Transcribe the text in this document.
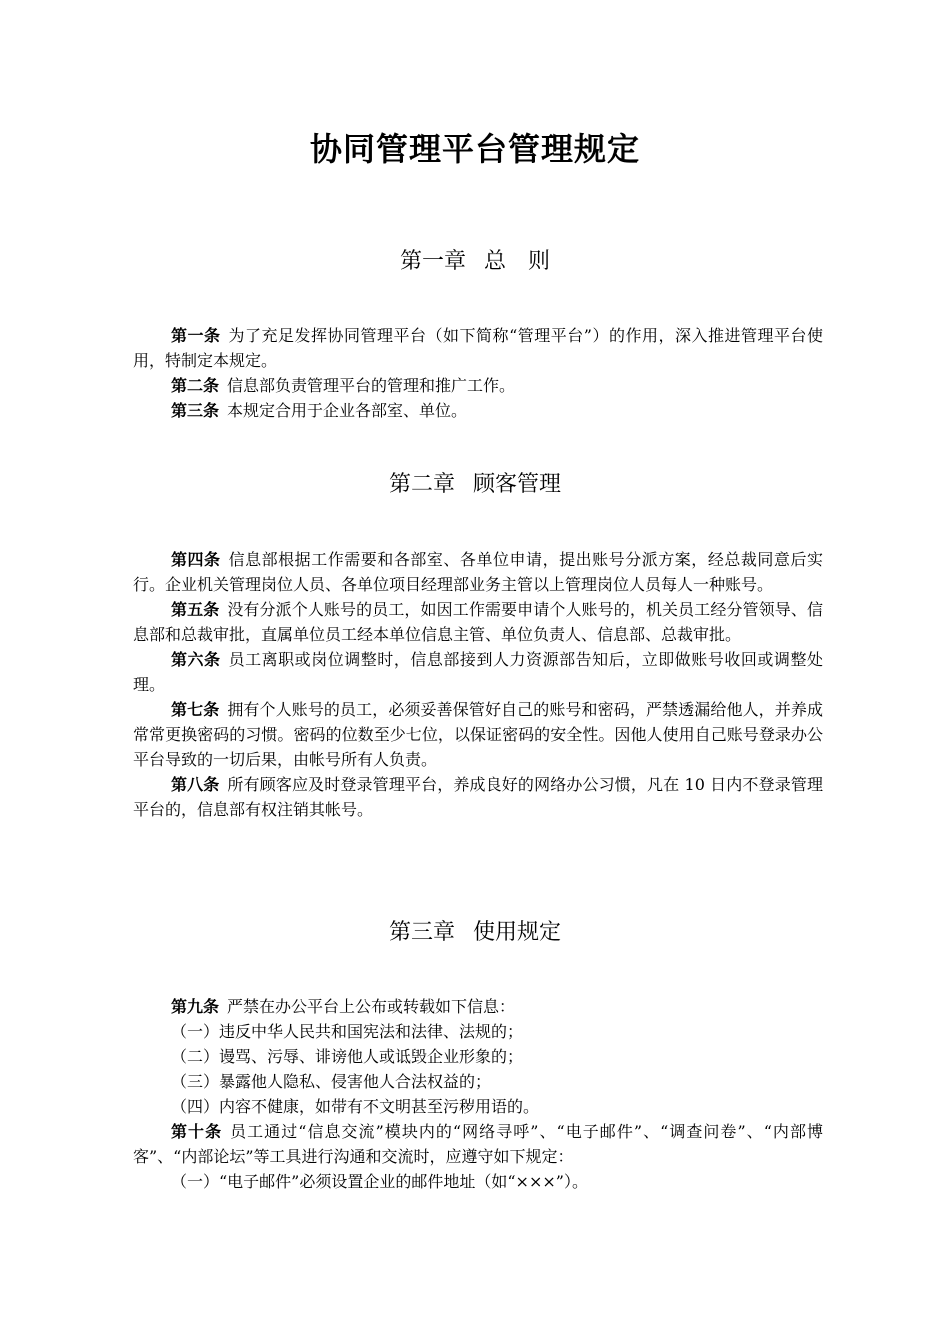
协同管理平台管理规定
第一章 总　则

第一条 为了充足发挥协同管理平台（如下简称“管理平台”）的作用，深入推进管理平台使用，特制定本规定。

第二条 信息部负责管理平台的管理和推广工作。

第三条 本规定合用于企业各部室、单位。

第二章 顾客管理

第四条 信息部根据工作需要和各部室、各单位申请，提出账号分派方案，经总裁同意后实行。企业机关管理岗位人员、各单位项目经理部业务主管以上管理岗位人员每人一种账号。

第五条 没有分派个人账号的员工，如因工作需要申请个人账号的，机关员工经分管领导、信息部和总裁审批，直属单位员工经本单位信息主管、单位负责人、信息部、总裁审批。

第六条 员工离职或岗位调整时，信息部接到人力资源部告知后，立即做账号收回或调整处理。

第七条 拥有个人账号的员工，必须妥善保管好自己的账号和密码，严禁透漏给他人，并养成常常更换密码的习惯。密码的位数至少七位，以保证密码的安全性。因他人使用自己账号登录办公平台导致的一切后果，由帐号所有人负责。

第八条 所有顾客应及时登录管理平台，养成良好的网络办公习惯，凡在 10 日内不登录管理平台的，信息部有权注销其帐号。

第三章 使用规定

第九条 严禁在办公平台上公布或转载如下信息：

（一）违反中华人民共和国宪法和法律、法规的；

（二）谩骂、污辱、诽谤他人或诋毁企业形象的；

（三）暴露他人隐私、侵害他人合法权益的；

（四）内容不健康，如带有不文明甚至污秽用语的。

第十条 员工通过“信息交流”模块内的“网络寻呼”、“电子邮件”、“调查问卷”、“内部博客”、“内部论坛”等工具进行沟通和交流时，应遵守如下规定：

（一）“电子邮件”必须设置企业的邮件地址（如“×××”）。
